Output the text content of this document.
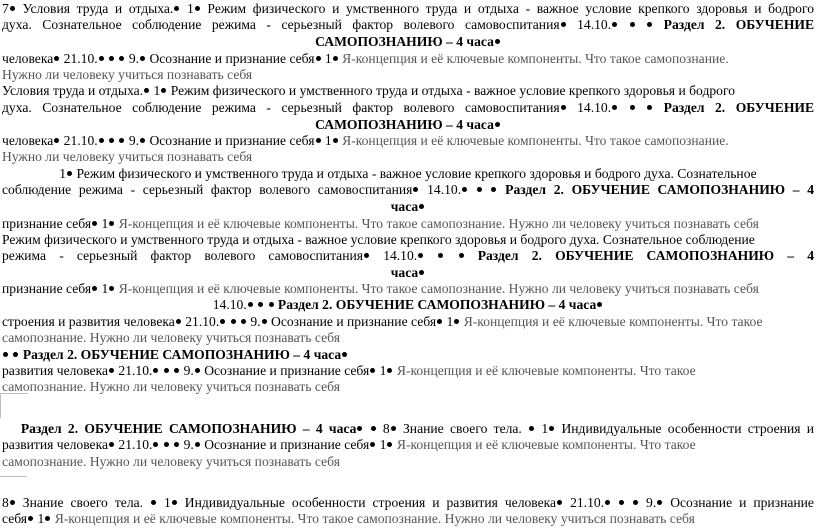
7 Условия труда и отдыха. 1 Режим физического и умственного труда и отдыха - важное условие крепкого здоровья и бодрого
духа. Сознательное соблюдение режима - серьезный фактор волевого самовоспитания 14.10.	Раздел 2. ОБУЧЕНИЕ
САМОПОЗНАНИЮ – 4 часа
человека 21.10.   9. Осознание и признание себя 1 Я-концепция и её ключевые компоненты. Что такое самопознание.
Нужно ли человеку учиться познавать себя
Условия труда и отдыха. 1 Режим физического и умственного труда и отдыха - важное условие крепкого здоровья и бодрого
духа. Сознательное соблюдение режима - серьезный фактор волевого самовоспитания 14.10.	Раздел 2. ОБУЧЕНИЕ
САМОПОЗНАНИЮ – 4 часа
человека 21.10.   9. Осознание и признание себя 1 Я-концепция и её ключевые компоненты. Что такое самопознание.
Нужно ли человеку учиться познавать себя
1 Режим физического и умственного труда и отдыха - важное условие крепкого здоровья и бодрого духа. Сознательное
соблюдение режима - серьезный фактор волевого самовоспитания 14.10.	Раздел 2. ОБУЧЕНИЕ САМОПОЗНАНИЮ – 4
часа
признание себя 1 Я-концепция и её ключевые компоненты. Что такое самопознание. Нужно ли человеку учиться познавать себя
Режим физического и умственного труда и отдыха - важное условие крепкого здоровья и бодрого духа. Сознательное соблюдение
режима - серьезный фактор волевого самовоспитания 14.10.	Раздел 2. ОБУЧЕНИЕ САМОПОЗНАНИЮ – 4
часа
признание себя 1 Я-концепция и её ключевые компоненты. Что такое самопознание. Нужно ли человеку учиться познавать себя
14.10. Раздел 2. ОБУЧЕНИЕ САМОПОЗНАНИЮ – 4 часа
строения и развития человека 21.10.   9. Осознание и признание себя 1 Я-концепция и её ключевые компоненты. Что такое
самопознание. Нужно ли человеку учиться познавать себя
Раздел 2. ОБУЧЕНИЕ САМОПОЗНАНИЮ – 4 часа
развития человека 21.10.   9. Осознание и признание себя 1 Я-концепция и её ключевые компоненты. Что такое
самопознание. Нужно ли человеку учиться познавать себя
Раздел 2. ОБУЧЕНИЕ САМОПОЗНАНИЮ – 4 часа  8 Знание своего тела.  1 Индивидуальные особенности строения и
развития человека 21.10.   9. Осознание и признание себя 1 Я-концепция и её ключевые компоненты. Что такое
самопознание. Нужно ли человеку учиться познавать себя
8 Знание своего тела.  1 Индивидуальные особенности строения и развития человека 21.10.	9. Осознание и признание
себя 1 Я-концепция и её ключевые компоненты. Что такое самопознание. Нужно ли человеку учиться познавать себя
